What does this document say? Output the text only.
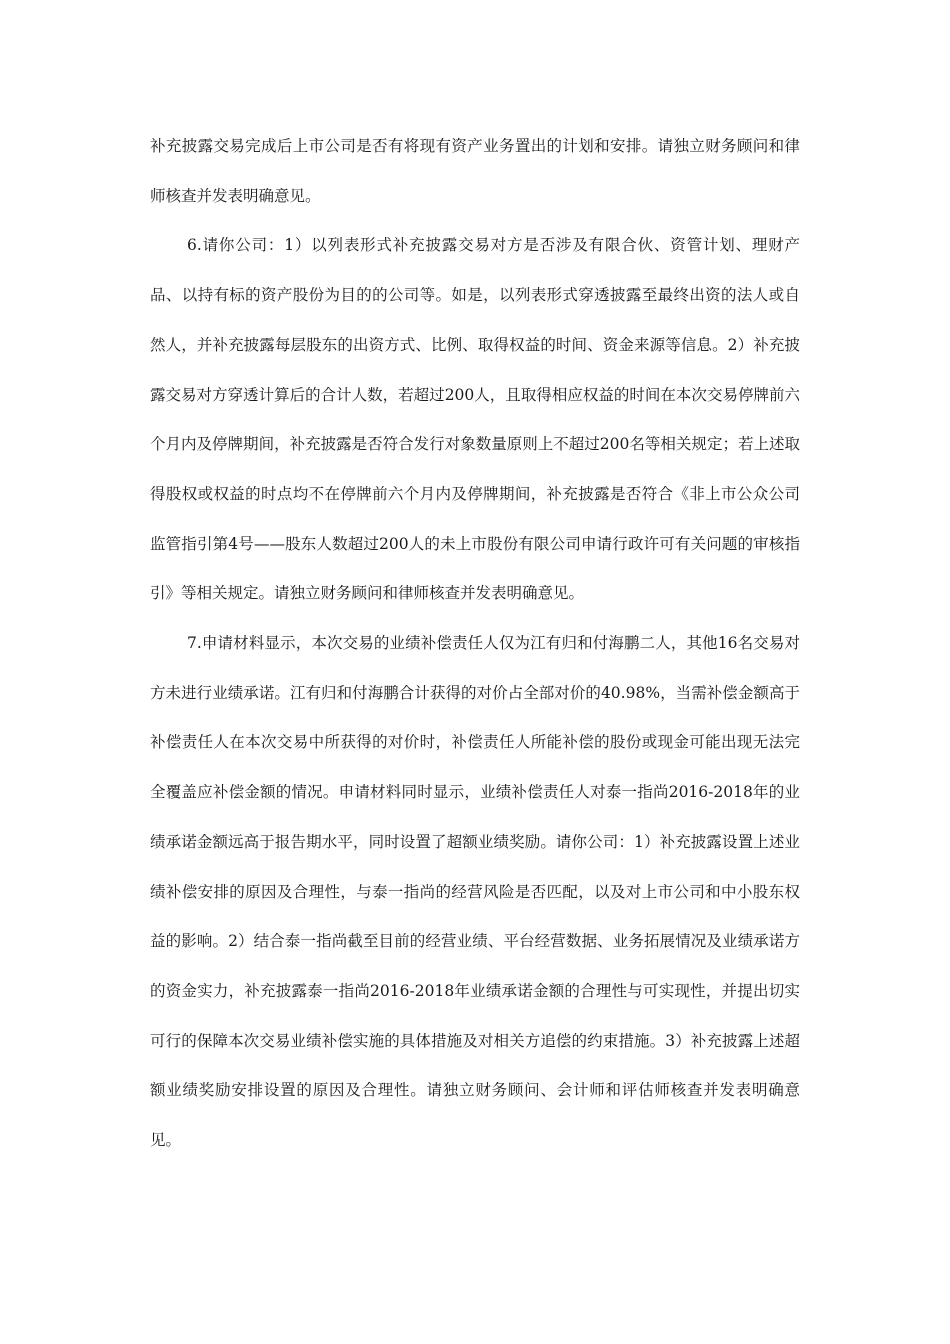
补充披露交易完成后上市公司是否有将现有资产业务置出的计划和安排。请独立财务顾问和律师核查并发表明确意见。

6.请你公司：1）以列表形式补充披露交易对方是否涉及有限合伙、资管计划、理财产品、以持有标的资产股份为目的的公司等。如是，以列表形式穿透披露至最终出资的法人或自然人，并补充披露每层股东的出资方式、比例、取得权益的时间、资金来源等信息。2）补充披露交易对方穿透计算后的合计人数，若超过200人，且取得相应权益的时间在本次交易停牌前六个月内及停牌期间，补充披露是否符合发行对象数量原则上不超过200名等相关规定；若上述取得股权或权益的时点均不在停牌前六个月内及停牌期间，补充披露是否符合《非上市公众公司监管指引第4号——股东人数超过200人的未上市股份有限公司申请行政许可有关问题的审核指引》等相关规定。请独立财务顾问和律师核查并发表明确意见。

7.申请材料显示，本次交易的业绩补偿责任人仅为江有归和付海鹏二人，其他16名交易对方未进行业绩承诺。江有归和付海鹏合计获得的对价占全部对价的40.98%，当需补偿金额高于补偿责任人在本次交易中所获得的对价时，补偿责任人所能补偿的股份或现金可能出现无法完全覆盖应补偿金额的情况。申请材料同时显示，业绩补偿责任人对泰一指尚2016-2018年的业绩承诺金额远高于报告期水平，同时设置了超额业绩奖励。请你公司：1）补充披露设置上述业绩补偿安排的原因及合理性，与泰一指尚的经营风险是否匹配，以及对上市公司和中小股东权益的影响。2）结合泰一指尚截至目前的经营业绩、平台经营数据、业务拓展情况及业绩承诺方的资金实力，补充披露泰一指尚2016-2018年业绩承诺金额的合理性与可实现性，并提出切实可行的保障本次交易业绩补偿实施的具体措施及对相关方追偿的约束措施。3）补充披露上述超额业绩奖励安排设置的原因及合理性。请独立财务顾问、会计师和评估师核查并发表明确意见。
